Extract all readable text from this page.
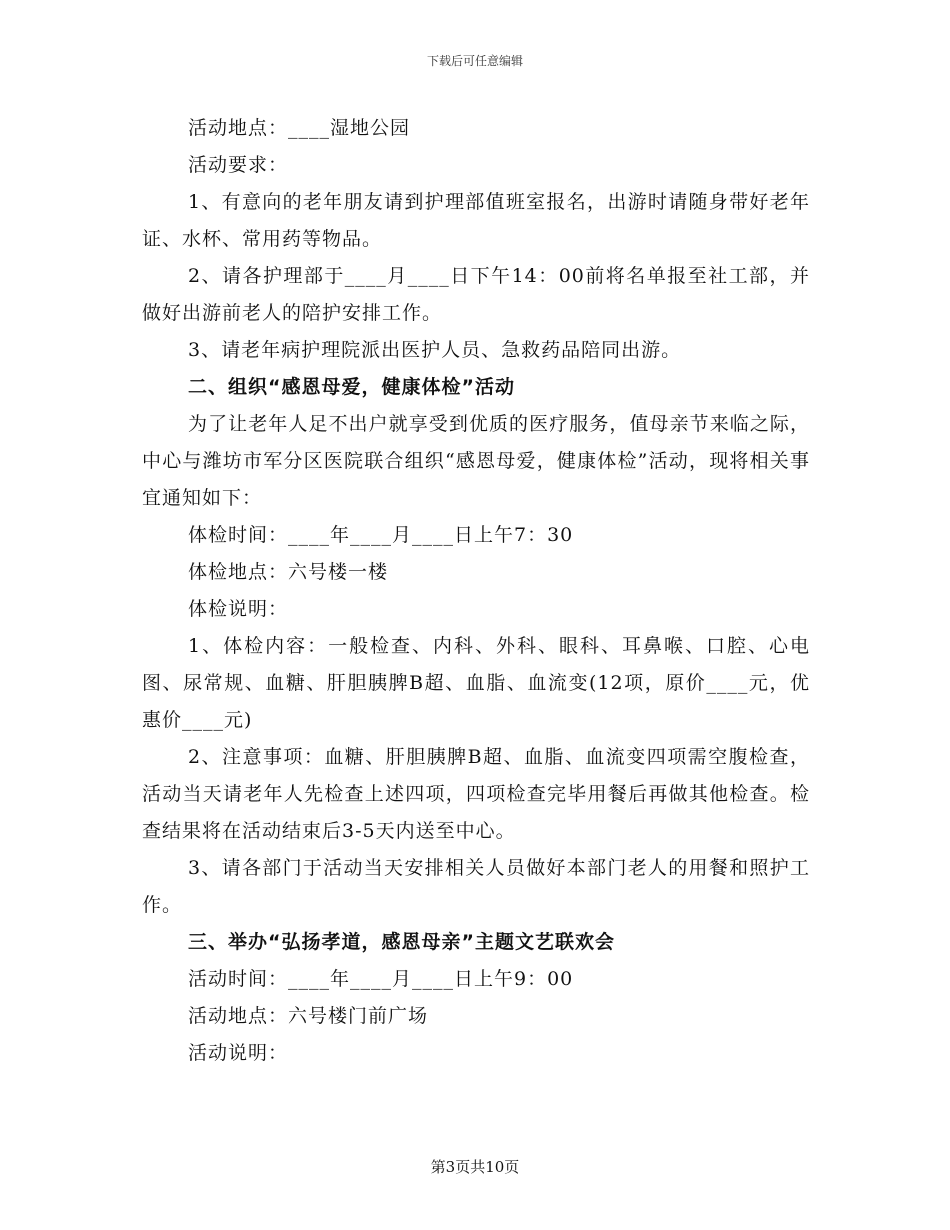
下载后可任意编辑

活动地点：____湿地公园

活动要求：

1、有意向的老年朋友请到护理部值班室报名，出游时请随身带好老年证、水杯、常用药等物品。

2、请各护理部于____月____日下午14：00前将名单报至社工部，并做好出游前老人的陪护安排工作。

3、请老年病护理院派出医护人员、急救药品陪同出游。

二、组织“感恩母爱，健康体检”活动

为了让老年人足不出户就享受到优质的医疗服务，值母亲节来临之际，中心与潍坊市军分区医院联合组织“感恩母爱，健康体检”活动，现将相关事宜通知如下：

体检时间：____年____月____日上午7：30

体检地点：六号楼一楼

体检说明：

1、体检内容：一般检查、内科、外科、眼科、耳鼻喉、口腔、心电图、尿常规、血糖、肝胆胰脾B超、血脂、血流变(12项，原价____元，优惠价____元)

2、注意事项：血糖、肝胆胰脾B超、血脂、血流变四项需空腹检查，活动当天请老年人先检查上述四项，四项检查完毕用餐后再做其他检查。检查结果将在活动结束后3-5天内送至中心。

3、请各部门于活动当天安排相关人员做好本部门老人的用餐和照护工作。

三、举办“弘扬孝道，感恩母亲”主题文艺联欢会

活动时间：____年____月____日上午9：00

活动地点：六号楼门前广场

活动说明：

第3页共10页
